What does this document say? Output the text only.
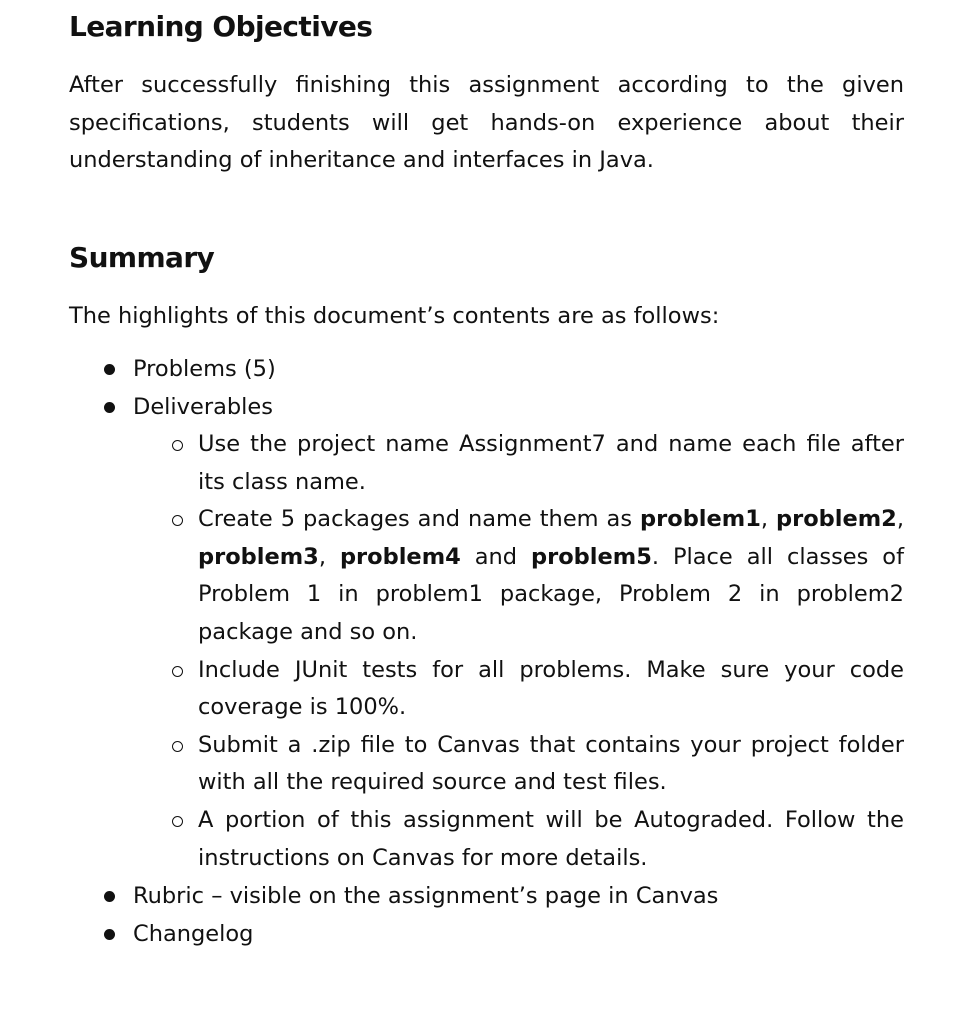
Learning Objectives

After successfully finishing this assignment according to the given specifications, students will get hands-on experience about their understanding of inheritance and interfaces in Java.

Summary

The highlights of this document’s contents are as follows:

Problems (5)
Deliverables
Use the project name Assignment7 and name each file after its class name.
Create 5 packages and name them as problem1, problem2, problem3, problem4 and problem5. Place all classes of Problem 1 in problem1 package, Problem 2 in problem2 package and so on.
Include JUnit tests for all problems. Make sure your code coverage is 100%.
Submit a .zip file to Canvas that contains your project folder with all the required source and test files.
A portion of this assignment will be Autograded. Follow the instructions on Canvas for more details.
Rubric – visible on the assignment’s page in Canvas
Changelog
